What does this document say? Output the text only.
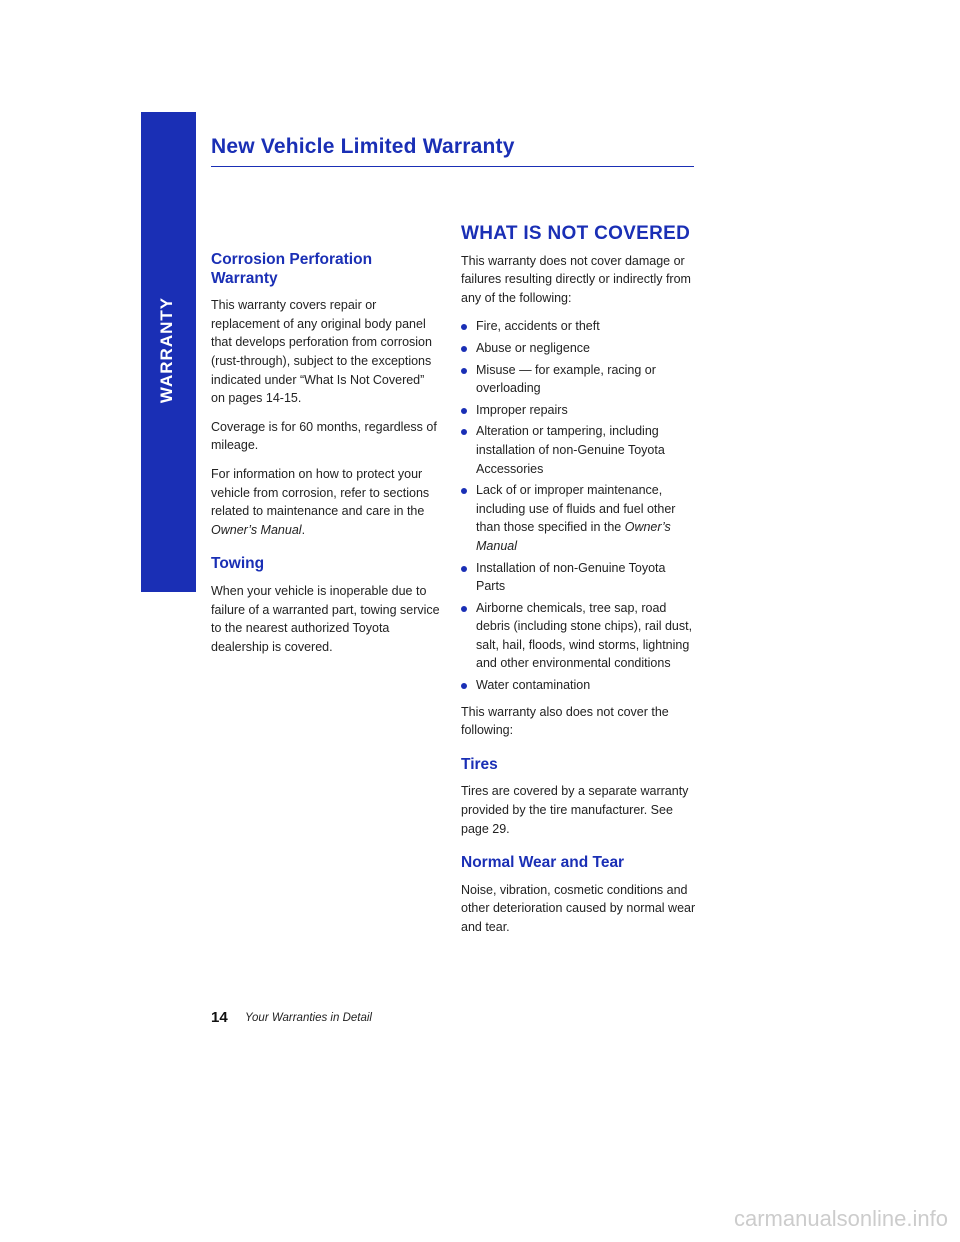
WARRANTY
New Vehicle Limited Warranty
Corrosion Perforation Warranty

This warranty covers repair or replacement of any original body panel that develops perforation from corrosion (rust-through), subject to the exceptions indicated under “What Is Not Covered” on pages 14-15.

Coverage is for 60 months, regardless of mileage.

For information on how to protect your vehicle from corrosion, refer to sections related to maintenance and care in the Owner’s Manual.

Towing

When your vehicle is inoperable due to failure of a warranted part, towing service to the nearest authorized Toyota dealership is covered.

WHAT IS NOT COVERED

This warranty does not cover damage or failures resulting directly or indirectly from any of the following:

Fire, accidents or theft
Abuse or negligence
Misuse — for example, racing or overloading
Improper repairs
Alteration or tampering, including installation of non-Genuine Toyota Accessories
Lack of or improper maintenance, including use of fluids and fuel other than those specified in the Owner’s Manual
Installation of non-Genuine Toyota Parts
Airborne chemicals, tree sap, road debris (including stone chips), rail dust, salt, hail, floods, wind storms, lightning and other environmental conditions
Water contamination

This warranty also does not cover the following:

Tires

Tires are covered by a separate warranty provided by the tire manufacturer. See page 29.

Normal Wear and Tear

Noise, vibration, cosmetic conditions and other deterioration caused by normal wear and tear.

14 Your Warranties in Detail
carmanualsonline.info
